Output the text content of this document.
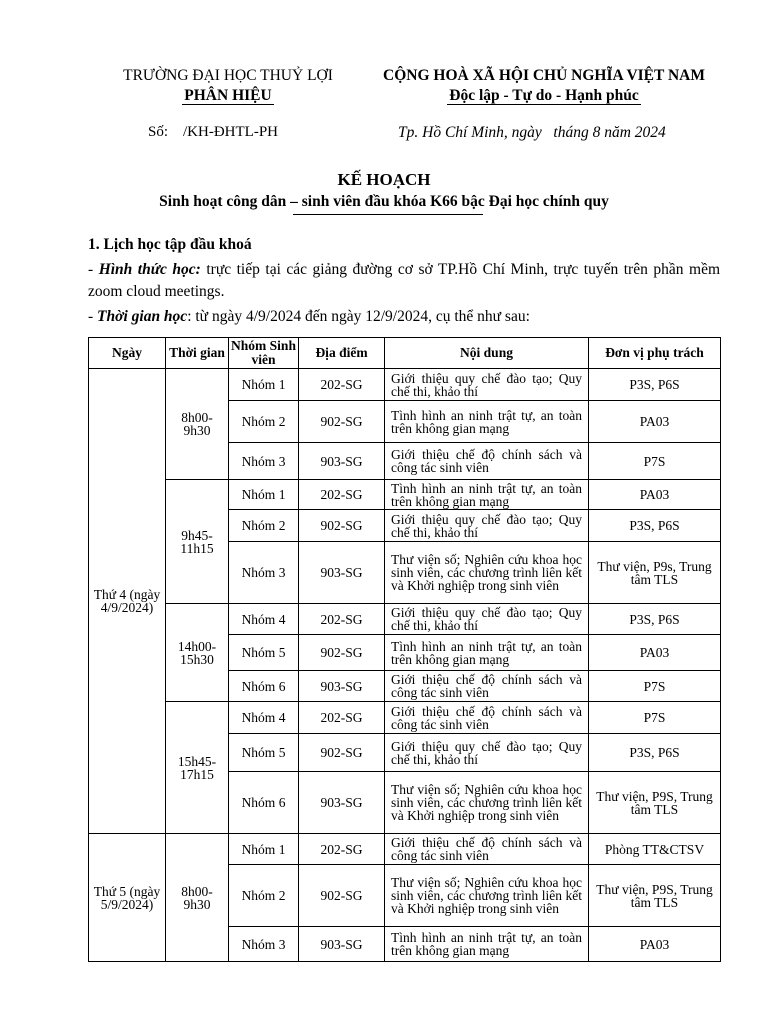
TRƯỜNG ĐẠI HỌC THUỶ LỢI
PHÂN HIỆU
CỘNG HOÀ XÃ HỘI CHỦ NGHĨA VIỆT NAM
Độc lập - Tự do - Hạnh phúc
Số:    /KH-ĐHTL-PH	Tp. Hồ Chí Minh, ngày   tháng 8 năm 2024
KẾ HOẠCH
Sinh hoạt công dân – sinh viên đầu khóa K66 bậc Đại học chính quy
1. Lịch học tập đầu khoá
- Hình thức học: trực tiếp tại các giảng đường cơ sở TP.Hồ Chí Minh, trực tuyến trên phần mềm zoom cloud meetings.
- Thời gian học: từ ngày 4/9/2024 đến ngày 12/9/2024, cụ thể như sau:
Ngày	Thời gian	Nhóm Sinh viên	Địa điểm	Nội dung	Đơn vị phụ trách
Thứ 4 (ngày 4/9/2024)	8h00-9h30	Nhóm 1	202-SG	Giới thiệu quy chế đào tạo; Quy chế thi, khảo thí	P3S, P6S
		Nhóm 2	902-SG	Tình hình an ninh trật tự, an toàn trên không gian mạng	PA03
		Nhóm 3	903-SG	Giới thiệu chế độ chính sách và công tác sinh viên	P7S
	9h45-11h15	Nhóm 1	202-SG	Tình hình an ninh trật tự, an toàn trên không gian mạng	PA03
		Nhóm 2	902-SG	Giới thiệu quy chế đào tạo; Quy chế thi, khảo thí	P3S, P6S
		Nhóm 3	903-SG	Thư viện số; Nghiên cứu khoa học sinh viên, các chương trình liên kết và Khởi nghiệp trong sinh viên	Thư viện, P9s, Trung tâm TLS
	14h00-15h30	Nhóm 4	202-SG	Giới thiệu quy chế đào tạo; Quy chế thi, khảo thí	P3S, P6S
		Nhóm 5	902-SG	Tình hình an ninh trật tự, an toàn trên không gian mạng	PA03
		Nhóm 6	903-SG	Giới thiệu chế độ chính sách và công tác sinh viên	P7S
	15h45-17h15	Nhóm 4	202-SG	Giới thiệu chế độ chính sách và công tác sinh viên	P7S
		Nhóm 5	902-SG	Giới thiệu quy chế đào tạo; Quy chế thi, khảo thí	P3S, P6S
		Nhóm 6	903-SG	Thư viện số; Nghiên cứu khoa học sinh viên, các chương trình liên kết và Khởi nghiệp trong sinh viên	Thư viện, P9S, Trung tâm TLS
Thứ 5 (ngày 5/9/2024)	8h00-9h30	Nhóm 1	202-SG	Giới thiệu chế độ chính sách và công tác sinh viên	Phòng TT&CTSV
		Nhóm 2	902-SG	Thư viện số; Nghiên cứu khoa học sinh viên, các chương trình liên kết và Khởi nghiệp trong sinh viên	Thư viện, P9S, Trung tâm TLS
		Nhóm 3	903-SG	Tình hình an ninh trật tự, an toàn trên không gian mạng	PA03
